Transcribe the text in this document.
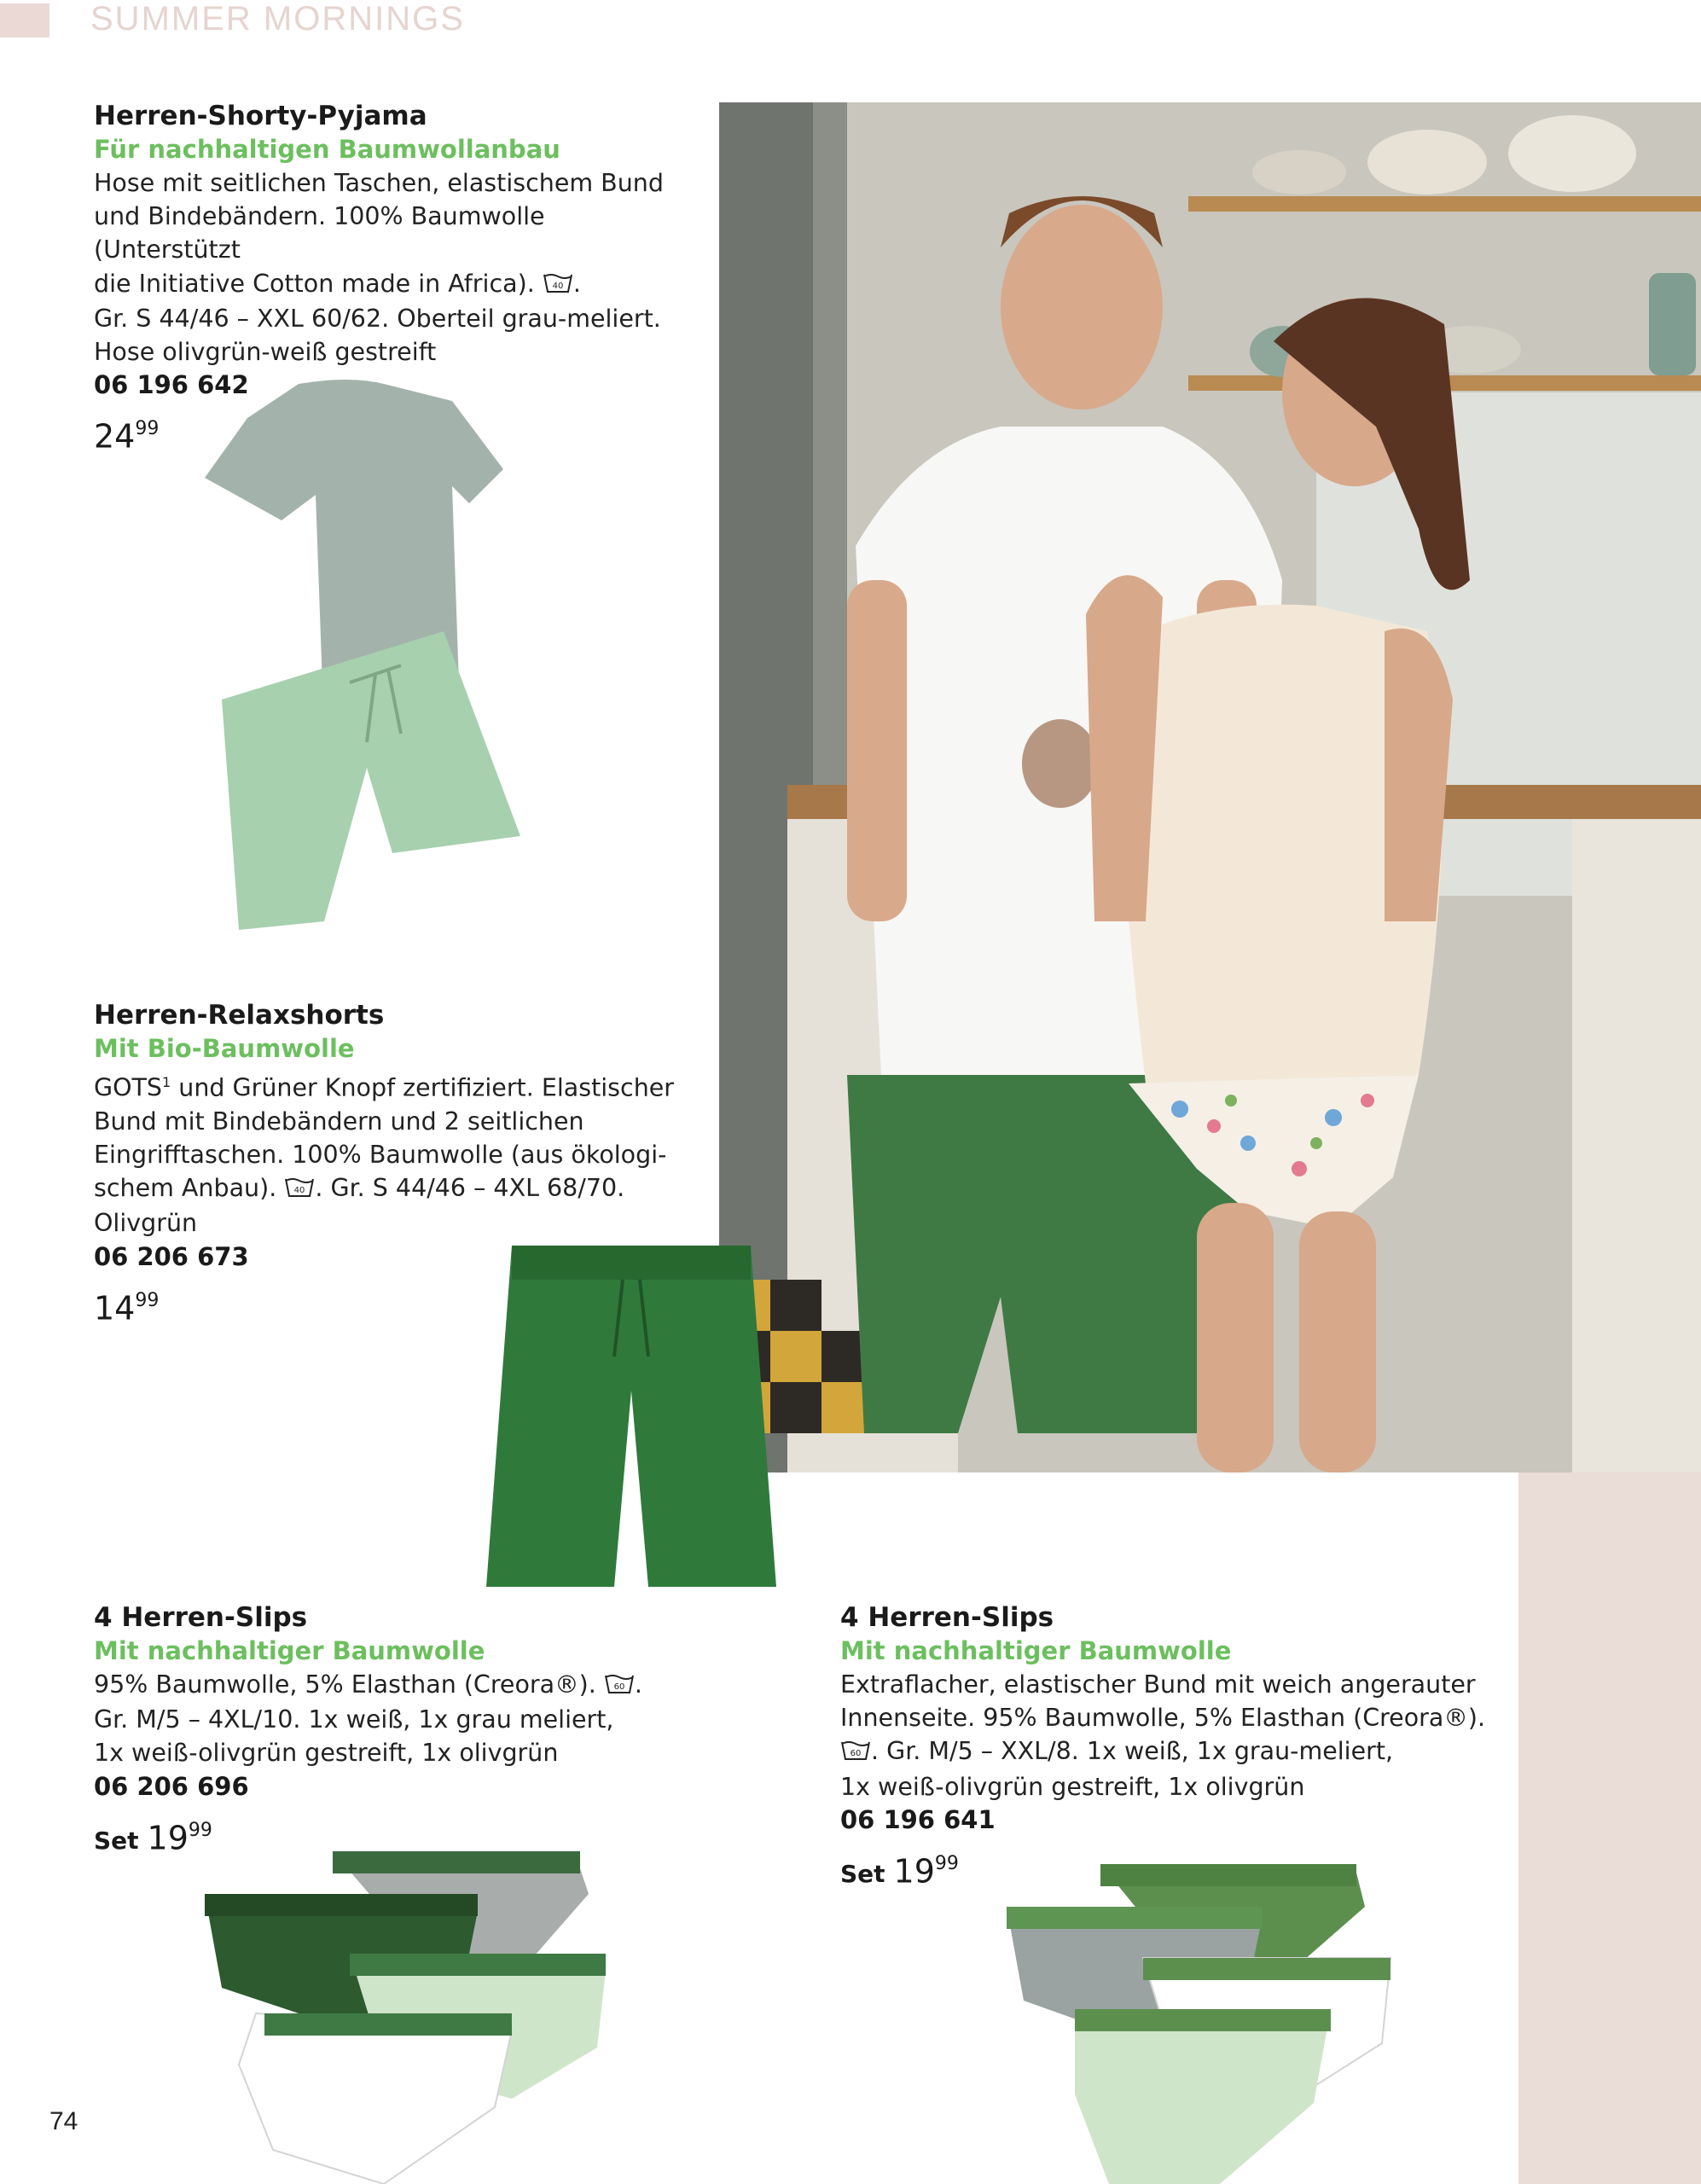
SUMMER MORNINGS
Herren-Shorty-Pyjama
Für nachhaltigen Baumwollanbau
Hose mit seitlichen Taschen, elastischem Bund
und Bindebändern. 100% Baumwolle (Unterstützt
die Initiative Cotton made in Africa). 40 .
Gr. S 44/46 – XXL 60/62. Oberteil grau-meliert.
Hose olivgrün-weiß gestreift
06 196 642
$24^{99}$
Herren-Relaxshorts
Mit Bio-Baumwolle
GOTS$^1$ und Grüner Knopf zertifiziert. Elastischer
Bund mit Bindebändern und 2 seitlichen
Eingrifftaschen. 100% Baumwolle (aus ökologi-
schem Anbau). 40 . Gr. S 44/46 – 4XL 68/70.
Olivgrün
06 206 673
$14^{99}$
4 Herren-Slips
Mit nachhaltiger Baumwolle
95% Baumwolle, 5% Elasthan (Creora®). 60 .
Gr. M/5 – 4XL/10. 1x weiß, 1x grau meliert,
1x weiß-olivgrün gestreift, 1x olivgrün
06 206 696
Set $19^{99}$
4 Herren-Slips
Mit nachhaltiger Baumwolle
Extraflacher, elastischer Bund mit weich angerauter
Innenseite. 95% Baumwolle, 5% Elasthan (Creora®).
60 . Gr. M/5 – XXL/8. 1x weiß, 1x grau-meliert,
1x weiß-olivgrün gestreift, 1x olivgrün
06 196 641
Set $19^{99}$
74
